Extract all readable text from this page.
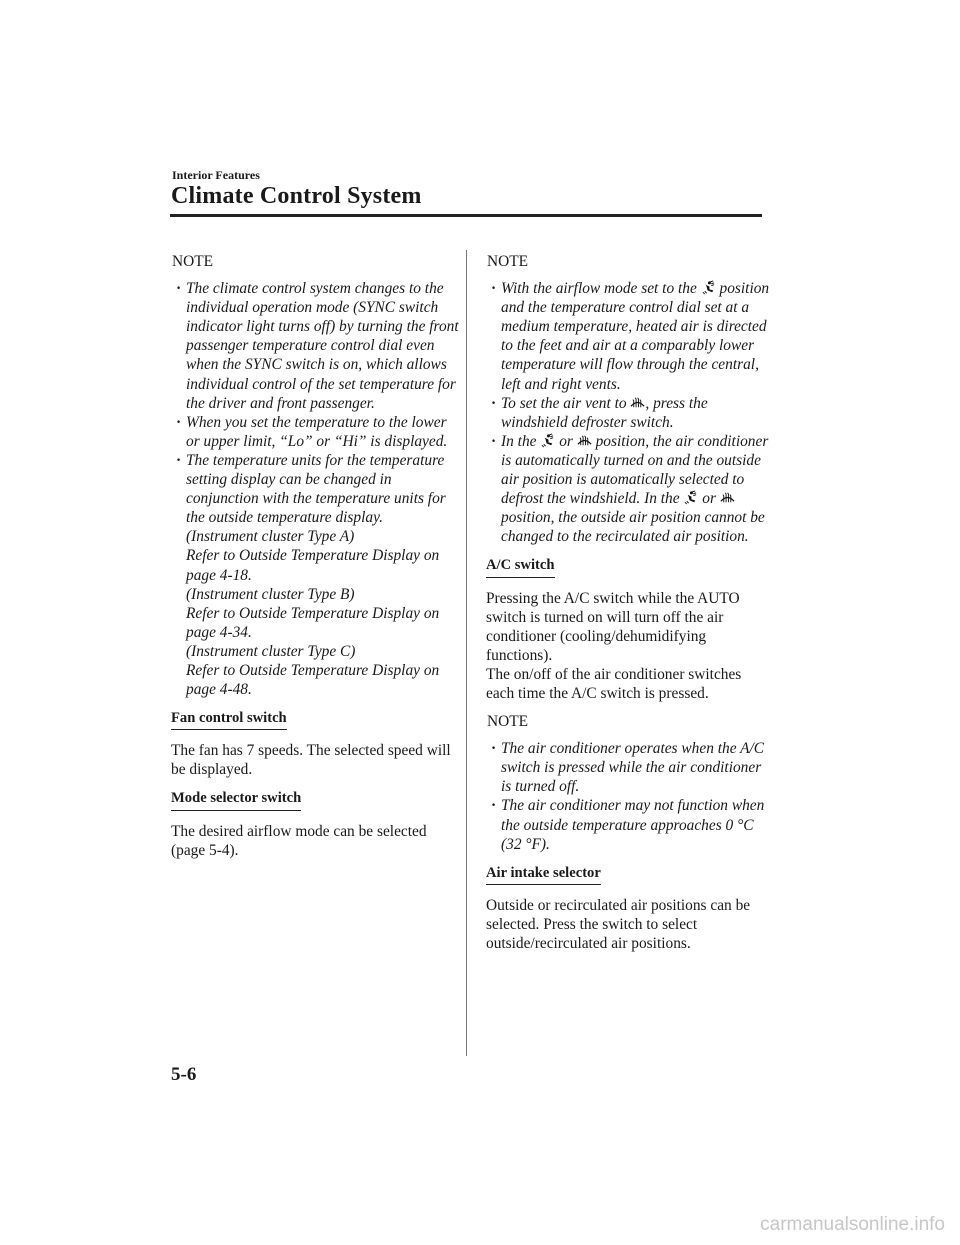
Interior Features
Climate Control System
NOTE
· The climate control system changes to the individual operation mode (SYNC switch indicator light turns off) by turning the front passenger temperature control dial even when the SYNC switch is on, which allows individual control of the set temperature for the driver and front passenger.
· When you set the temperature to the lower or upper limit, “Lo” or “Hi” is displayed.
· The temperature units for the temperature setting display can be changed in conjunction with the temperature units for the outside temperature display.
(Instrument cluster Type A)
Refer to Outside Temperature Display on page 4-18.
(Instrument cluster Type B)
Refer to Outside Temperature Display on page 4-34.
(Instrument cluster Type C)
Refer to Outside Temperature Display on page 4-48.
Fan control switch

The fan has 7 speeds. The selected speed will be displayed.

Mode selector switch

The desired airflow mode can be selected (page 5-4).

NOTE
· With the airflow mode set to the position and the temperature control dial set at a medium temperature, heated air is directed to the feet and air at a comparably lower temperature will flow through the central, left and right vents.
· To set the air vent to , press the windshield defroster switch.
· In the or position, the air conditioner is automatically turned on and the outside air position is automatically selected to defrost the windshield. In the or
position, the outside air position cannot be changed to the recirculated air position.
A/C switch

Pressing the A/C switch while the AUTO switch is turned on will turn off the air conditioner (cooling/dehumidifying functions).

The on/off of the air conditioner switches each time the A/C switch is pressed.

NOTE
· The air conditioner operates when the A/C switch is pressed while the air conditioner is turned off.
· The air conditioner may not function when the outside temperature approaches 0 °C (32 °F).
Air intake selector

Outside or recirculated air positions can be selected. Press the switch to select outside/recirculated air positions.

5-6
carmanualsonline.info
